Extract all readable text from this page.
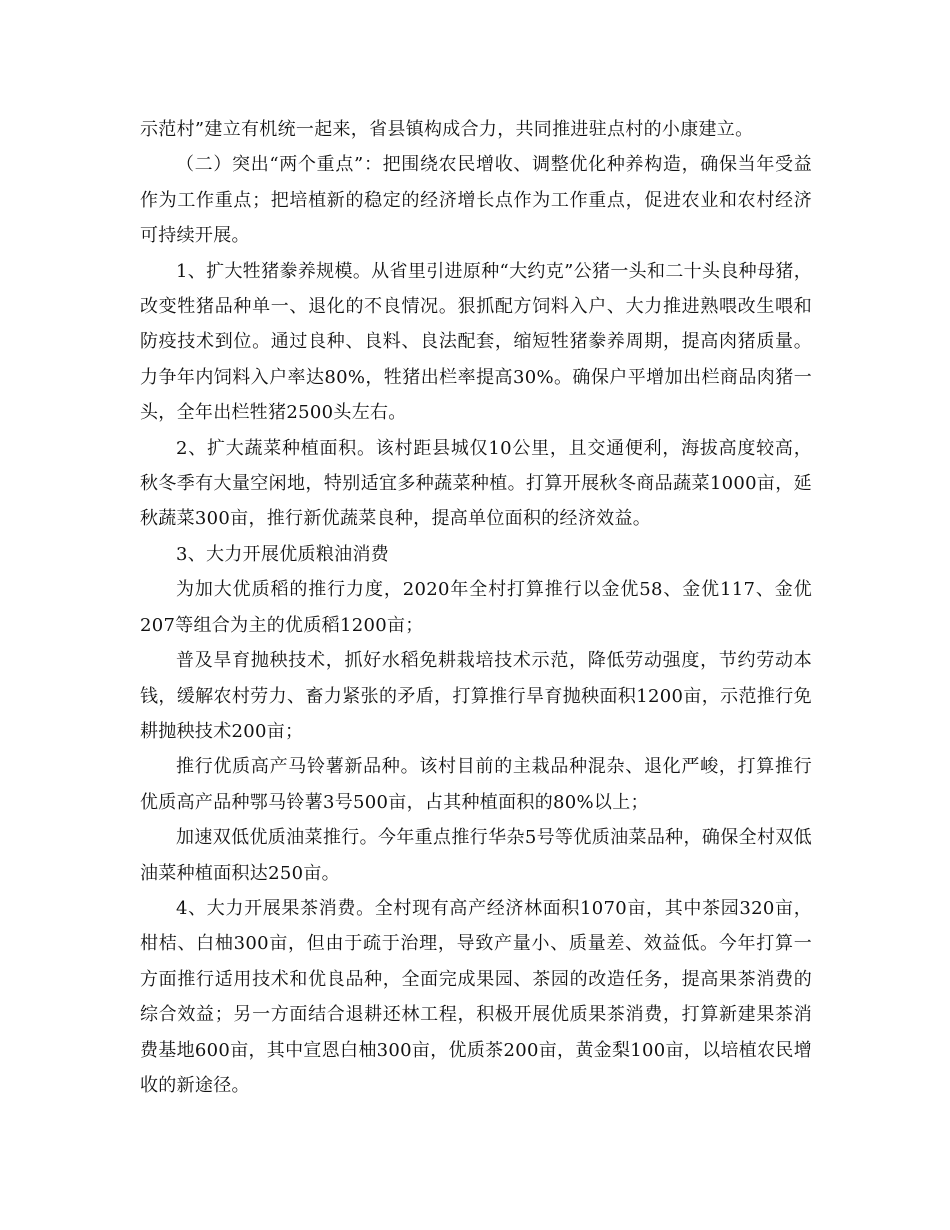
示范村”建立有机统一起来，省县镇构成合力，共同推进驻点村的小康建立。

（二）突出“两个重点”：把围绕农民增收、调整优化种养构造，确保当年受益作为工作重点；把培植新的稳定的经济增长点作为工作重点，促进农业和农村经济可持续开展。

1、扩大牲猪豢养规模。从省里引进原种“大约克”公猪一头和二十头良种母猪，改变牲猪品种单一、退化的不良情况。狠抓配方饲料入户、大力推进熟喂改生喂和防疫技术到位。通过良种、良料、良法配套，缩短牲猪豢养周期，提高肉猪质量。力争年内饲料入户率达80%，牲猪出栏率提高30%。确保户平增加出栏商品肉猪一头，全年出栏牲猪2500头左右。

2、扩大蔬菜种植面积。该村距县城仅10公里，且交通便利，海拔高度较高，秋冬季有大量空闲地，特别适宜多种蔬菜种植。打算开展秋冬商品蔬菜1000亩，延秋蔬菜300亩，推行新优蔬菜良种，提高单位面积的经济效益。

3、大力开展优质粮油消费

为加大优质稻的推行力度，2020年全村打算推行以金优58、金优117、金优207等组合为主的优质稻1200亩；

普及旱育抛秧技术，抓好水稻免耕栽培技术示范，降低劳动强度，节约劳动本钱，缓解农村劳力、畜力紧张的矛盾，打算推行旱育抛秧面积1200亩，示范推行免耕抛秧技术200亩；

推行优质高产马铃薯新品种。该村目前的主栽品种混杂、退化严峻，打算推行优质高产品种鄂马铃薯3号500亩，占其种植面积的80%以上；

加速双低优质油菜推行。今年重点推行华杂5号等优质油菜品种，确保全村双低油菜种植面积达250亩。

4、大力开展果茶消费。全村现有高产经济林面积1070亩，其中茶园320亩，柑桔、白柚300亩，但由于疏于治理，导致产量小、质量差、效益低。今年打算一方面推行适用技术和优良品种，全面完成果园、茶园的改造任务，提高果茶消费的综合效益；另一方面结合退耕还林工程，积极开展优质果茶消费，打算新建果茶消费基地600亩，其中宣恩白柚300亩，优质茶200亩，黄金梨100亩，以培植农民增收的新途径。
